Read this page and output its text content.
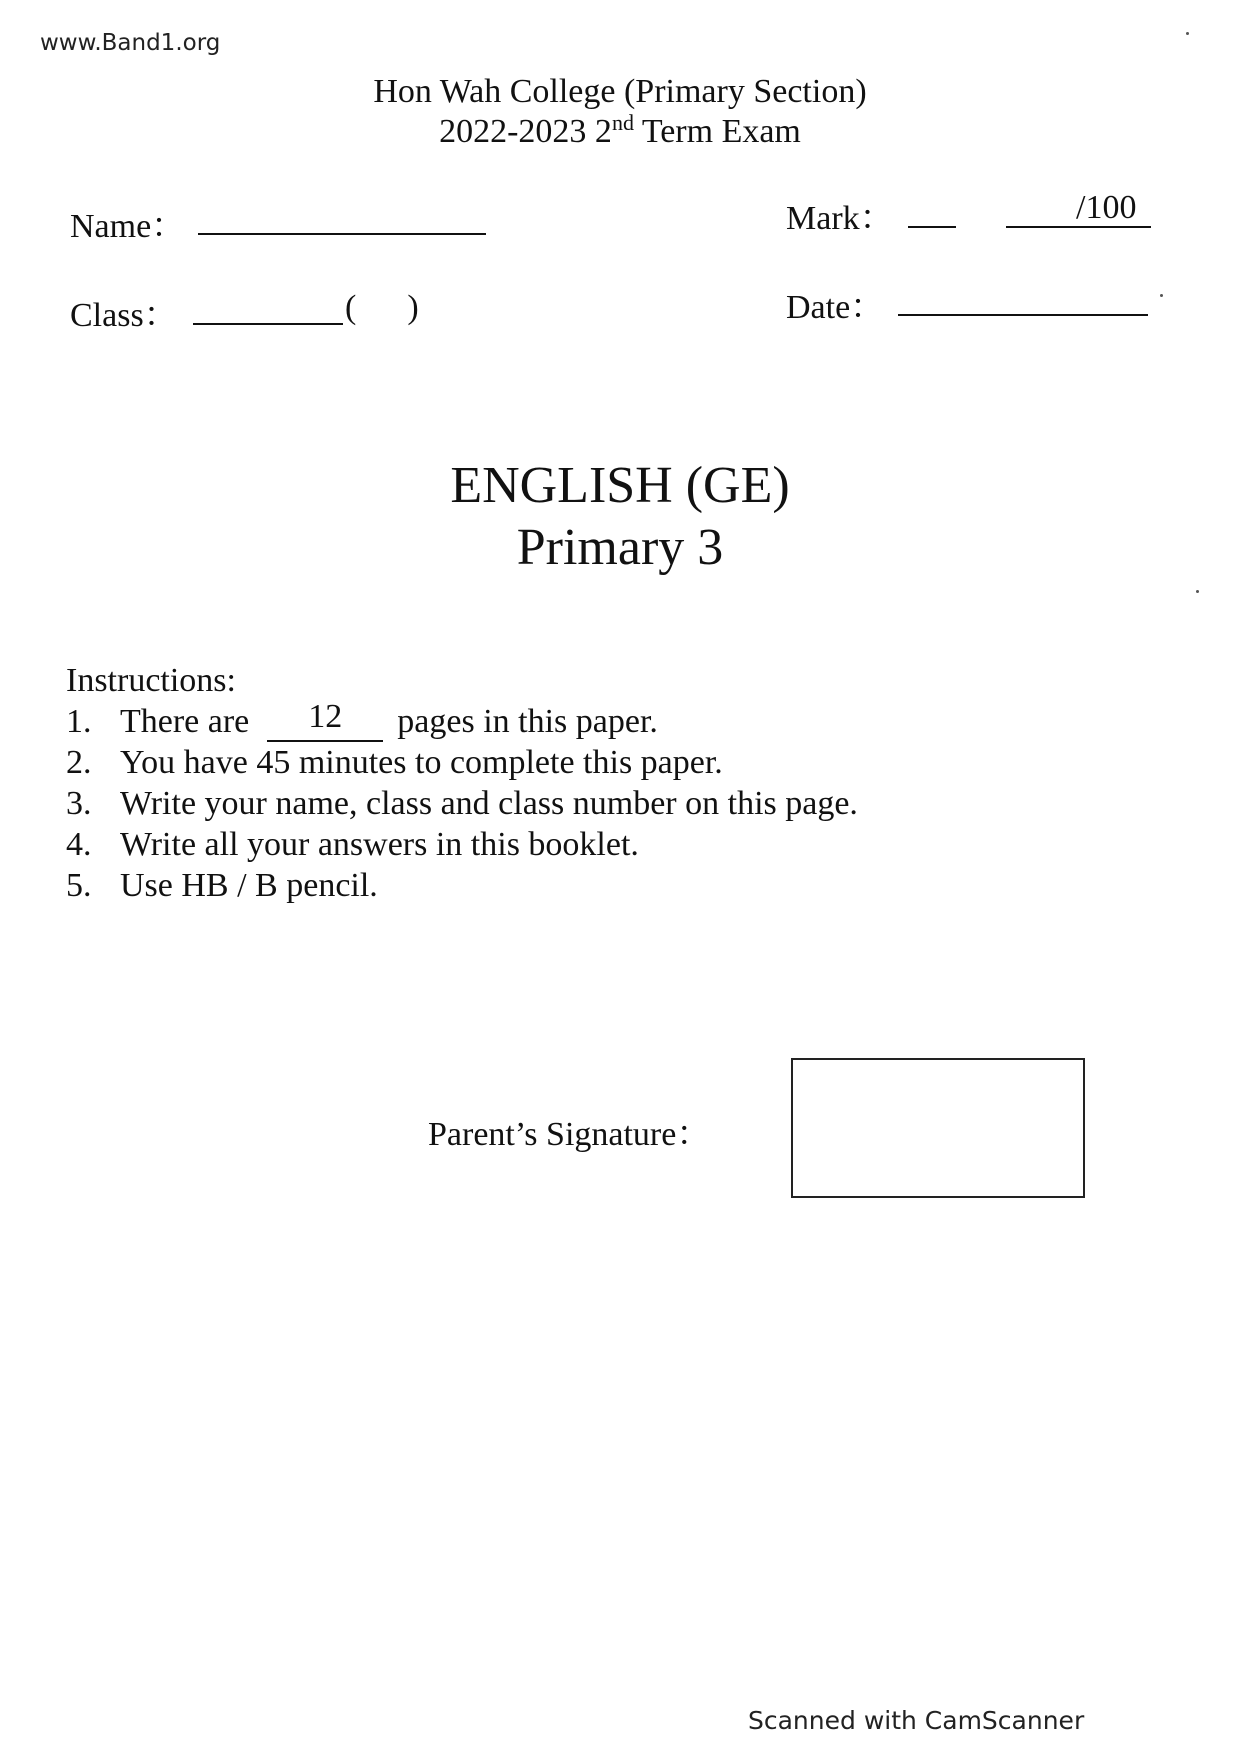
www.Band1.org
Hon Wah College (Primary Section)
2022-2023 2nd Term Exam
Name：
Class：	(      )
Mark：	/100
Date：
ENGLISH (GE)
Primary 3
Instructions:
1. There are	12	pages in this paper.
2. You have 45 minutes to complete this paper.
3. Write your name, class and class number on this page.
4. Write all your answers in this booklet.
5. Use HB / B pencil.
Parent’s Signature：
Scanned with CamScanner
